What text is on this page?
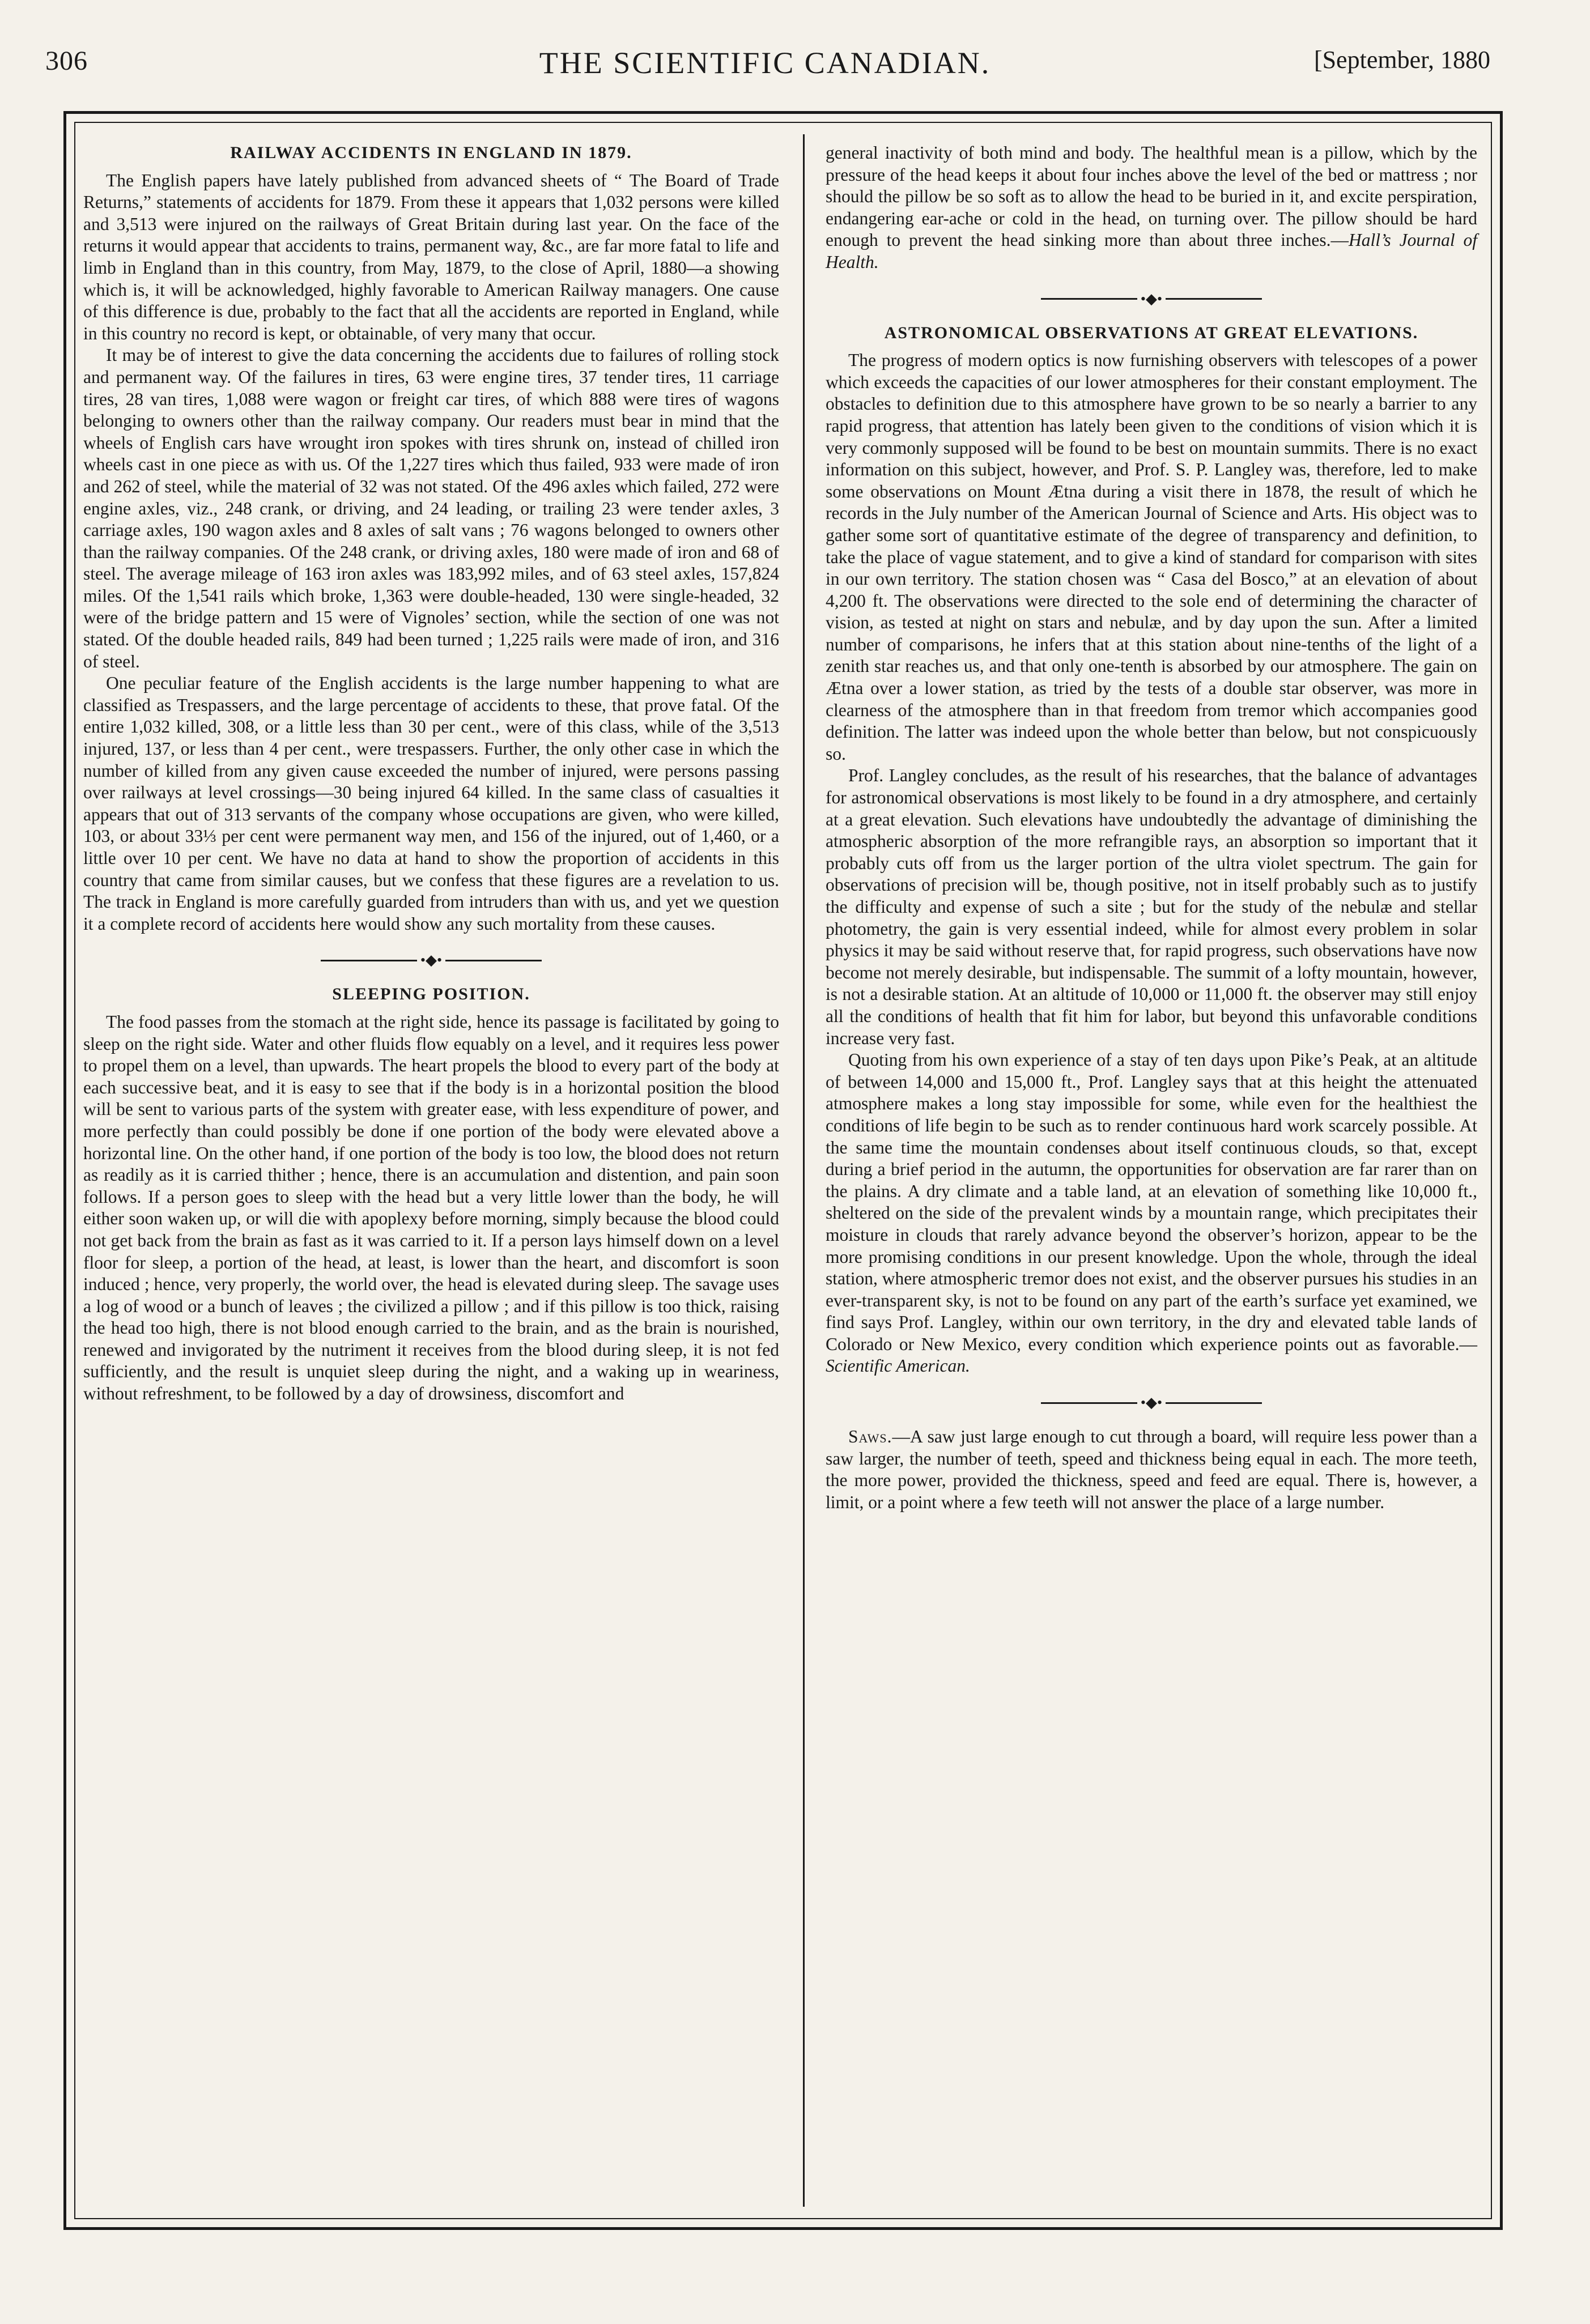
306	THE SCIENTIFIC CANADIAN.	[September, 1880
RAILWAY ACCIDENTS IN ENGLAND IN 1879.

The English papers have lately published from advanced sheets of “ The Board of Trade Returns,” statements of accidents for 1879. From these it appears that 1,032 persons were killed and 3,513 were injured on the railways of Great Britain during last year. On the face of the returns it would appear that accidents to trains, permanent way, &c., are far more fatal to life and limb in England than in this country, from May, 1879, to the close of April, 1880—a showing which is, it will be acknowledged, highly favorable to American Railway managers. One cause of this difference is due, probably to the fact that all the accidents are reported in England, while in this country no record is kept, or obtainable, of very many that occur.

It may be of interest to give the data concerning the accidents due to failures of rolling stock and permanent way. Of the failures in tires, 63 were engine tires, 37 tender tires, 11 carriage tires, 28 van tires, 1,088 were wagon or freight car tires, of which 888 were tires of wagons belonging to owners other than the railway company. Our readers must bear in mind that the wheels of English cars have wrought iron spokes with tires shrunk on, instead of chilled iron wheels cast in one piece as with us. Of the 1,227 tires which thus failed, 933 were made of iron and 262 of steel, while the material of 32 was not stated. Of the 496 axles which failed, 272 were engine axles, viz., 248 crank, or driving, and 24 leading, or trailing 23 were tender axles, 3 carriage axles, 190 wagon axles and 8 axles of salt vans ; 76 wagons belonged to owners other than the railway companies. Of the 248 crank, or driving axles, 180 were made of iron and 68 of steel. The average mileage of 163 iron axles was 183,992 miles, and of 63 steel axles, 157,824 miles. Of the 1,541 rails which broke, 1,363 were double-headed, 130 were single-headed, 32 were of the bridge pattern and 15 were of Vignoles’ section, while the section of one was not stated. Of the double headed rails, 849 had been turned ; 1,225 rails were made of iron, and 316 of steel.

One peculiar feature of the English accidents is the large number happening to what are classified as Trespassers, and the large percentage of accidents to these, that prove fatal. Of the entire 1,032 killed, 308, or a little less than 30 per cent., were of this class, while of the 3,513 injured, 137, or less than 4 per cent., were trespassers. Further, the only other case in which the number of killed from any given cause exceeded the number of injured, were persons passing over railways at level crossings—30 being injured 64 killed. In the same class of casualties it appears that out of 313 servants of the company whose occupations are given, who were killed, 103, or about 33⅓ per cent were permanent way men, and 156 of the injured, out of 1,460, or a little over 10 per cent. We have no data at hand to show the proportion of accidents in this country that came from similar causes, but we confess that these figures are a revelation to us. The track in England is more carefully guarded from intruders than with us, and yet we question it a complete record of accidents here would show any such mortality from these causes.

•◆•
SLEEPING POSITION.

The food passes from the stomach at the right side, hence its passage is facilitated by going to sleep on the right side. Water and other fluids flow equably on a level, and it requires less power to propel them on a level, than upwards. The heart propels the blood to every part of the body at each successive beat, and it is easy to see that if the body is in a horizontal position the blood will be sent to various parts of the system with greater ease, with less expenditure of power, and more perfectly than could possibly be done if one portion of the body were elevated above a horizontal line. On the other hand, if one portion of the body is too low, the blood does not return as readily as it is carried thither ; hence, there is an accumulation and distention, and pain soon follows. If a person goes to sleep with the head but a very little lower than the body, he will either soon waken up, or will die with apoplexy before morning, simply because the blood could not get back from the brain as fast as it was carried to it. If a person lays himself down on a level floor for sleep, a portion of the head, at least, is lower than the heart, and discomfort is soon induced ; hence, very properly, the world over, the head is elevated during sleep. The savage uses a log of wood or a bunch of leaves ; the civilized a pillow ; and if this pillow is too thick, raising the head too high, there is not blood enough carried to the brain, and as the brain is nourished, renewed and invigorated by the nutriment it receives from the blood during sleep, it is not fed sufficiently, and the result is unquiet sleep during the night, and a waking up in weariness, without refreshment, to be followed by a day of drowsiness, discomfort and

general inactivity of both mind and body. The healthful mean is a pillow, which by the pressure of the head keeps it about four inches above the level of the bed or mattress ; nor should the pillow be so soft as to allow the head to be buried in it, and excite perspiration, endangering ear-ache or cold in the head, on turning over. The pillow should be hard enough to prevent the head sinking more than about three inches.—Hall’s Journal of Health.

•◆•
ASTRONOMICAL OBSERVATIONS AT GREAT ELEVATIONS.

The progress of modern optics is now furnishing observers with telescopes of a power which exceeds the capacities of our lower atmospheres for their constant employment. The obstacles to definition due to this atmosphere have grown to be so nearly a barrier to any rapid progress, that attention has lately been given to the conditions of vision which it is very commonly supposed will be found to be best on mountain summits. There is no exact information on this subject, however, and Prof. S. P. Langley was, therefore, led to make some observations on Mount Ætna during a visit there in 1878, the result of which he records in the July number of the American Journal of Science and Arts. His object was to gather some sort of quantitative estimate of the degree of transparency and definition, to take the place of vague statement, and to give a kind of standard for comparison with sites in our own territory. The station chosen was “ Casa del Bosco,” at an elevation of about 4,200 ft. The observations were directed to the sole end of determining the character of vision, as tested at night on stars and nebulæ, and by day upon the sun. After a limited number of comparisons, he infers that at this station about nine-tenths of the light of a zenith star reaches us, and that only one-tenth is absorbed by our atmosphere. The gain on Ætna over a lower station, as tried by the tests of a double star observer, was more in clearness of the atmosphere than in that freedom from tremor which accompanies good definition. The latter was indeed upon the whole better than below, but not conspicuously so.

Prof. Langley concludes, as the result of his researches, that the balance of advantages for astronomical observations is most likely to be found in a dry atmosphere, and certainly at a great elevation. Such elevations have undoubtedly the advantage of diminishing the atmospheric absorption of the more refrangible rays, an absorption so important that it probably cuts off from us the larger portion of the ultra violet spectrum. The gain for observations of precision will be, though positive, not in itself probably such as to justify the difficulty and expense of such a site ; but for the study of the nebulæ and stellar photometry, the gain is very essential indeed, while for almost every problem in solar physics it may be said without reserve that, for rapid progress, such observations have now become not merely desirable, but indispensable. The summit of a lofty mountain, however, is not a desirable station. At an altitude of 10,000 or 11,000 ft. the observer may still enjoy all the conditions of health that fit him for labor, but beyond this unfavorable conditions increase very fast.

Quoting from his own experience of a stay of ten days upon Pike’s Peak, at an altitude of between 14,000 and 15,000 ft., Prof. Langley says that at this height the attenuated atmosphere makes a long stay impossible for some, while even for the healthiest the conditions of life begin to be such as to render continuous hard work scarcely possible. At the same time the mountain condenses about itself continuous clouds, so that, except during a brief period in the autumn, the opportunities for observation are far rarer than on the plains. A dry climate and a table land, at an elevation of something like 10,000 ft., sheltered on the side of the prevalent winds by a mountain range, which precipitates their moisture in clouds that rarely advance beyond the observer’s horizon, appear to be the more promising conditions in our present knowledge. Upon the whole, through the ideal station, where atmospheric tremor does not exist, and the observer pursues his studies in an ever-transparent sky, is not to be found on any part of the earth’s surface yet examined, we find says Prof. Langley, within our own territory, in the dry and elevated table lands of Colorado or New Mexico, every condition which experience points out as favorable.—Scientific American.

•◆•

Saws.—A saw just large enough to cut through a board, will require less power than a saw larger, the number of teeth, speed and thickness being equal in each. The more teeth, the more power, provided the thickness, speed and feed are equal. There is, however, a limit, or a point where a few teeth will not answer the place of a large number.
